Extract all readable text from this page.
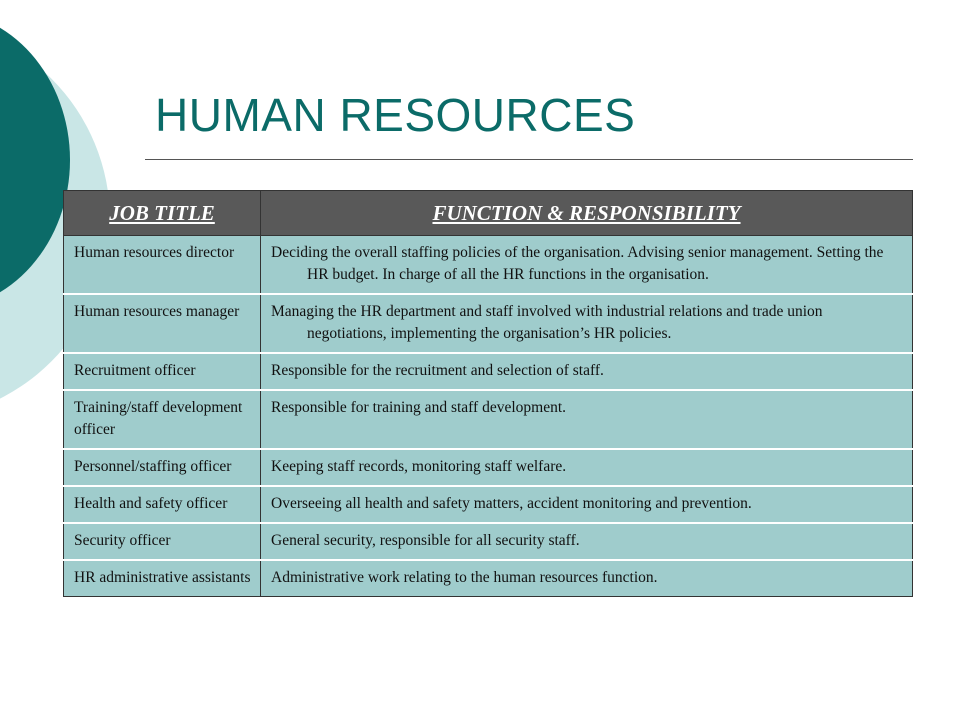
HUMAN RESOURCES
JOB TITLE	FUNCTION & RESPONSIBILITY
Human resources director	Deciding the overall staffing policies of the organisation. Advising senior management. Setting the HR budget. In charge of all the HR functions in the organisation.
Human resources manager	Managing the HR department and staff involved with industrial relations and trade union negotiations, implementing the organisation’s HR policies.
Recruitment officer	Responsible for the recruitment and selection of staff.
Training/staff development officer	Responsible for training and staff development.
Personnel/staffing officer	Keeping staff records, monitoring staff welfare.
Health and safety officer	Overseeing all health and safety matters, accident monitoring and prevention.
Security officer	General security, responsible for all security staff.
HR administrative assistants	Administrative work relating to the human resources function.
